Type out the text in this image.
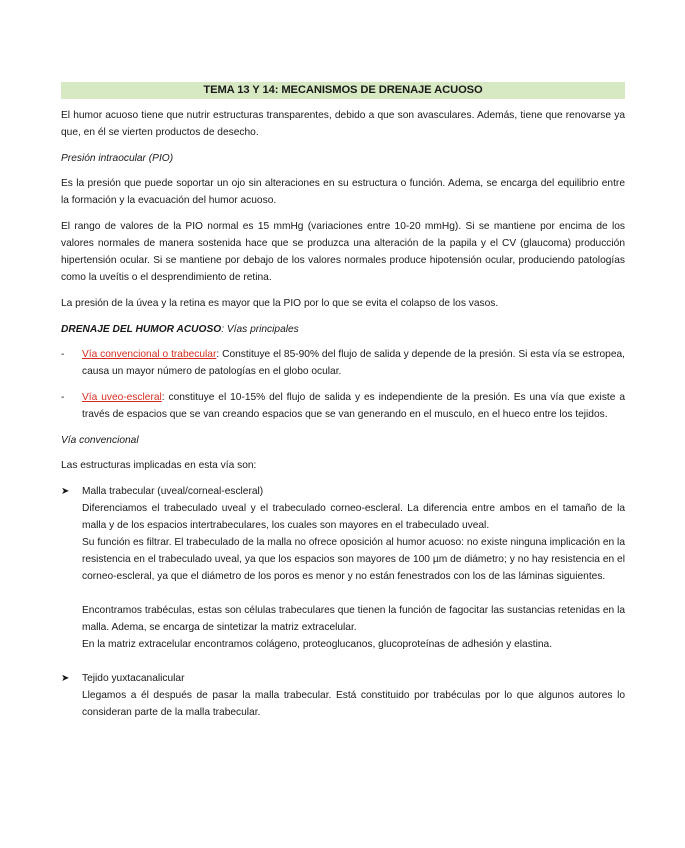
TEMA 13 Y 14: MECANISMOS DE DRENAJE ACUOSO

El humor acuoso tiene que nutrir estructuras transparentes, debido a que son avasculares. Además, tiene que renovarse ya que, en él se vierten productos de desecho.

Presión intraocular (PIO)

Es la presión que puede soportar un ojo sin alteraciones en su estructura o función. Adema, se encarga del equilibrio entre la formación y la evacuación del humor acuoso.

El rango de valores de la PIO normal es 15 mmHg (variaciones entre 10-20 mmHg). Si se mantiene por encima de los valores normales de manera sostenida hace que se produzca una alteración de la papila y el CV (glaucoma) producción hipertensión ocular. Si se mantiene por debajo de los valores normales produce hipotensión ocular, produciendo patologías como la uveítis o el desprendimiento de retina.

La presión de la úvea y la retina es mayor que la PIO por lo que se evita el colapso de los vasos.

DRENAJE DEL HUMOR ACUOSO: Vías principales

- Vía convencional o trabecular: Constituye el 85-90% del flujo de salida y depende de la presión. Si esta vía se estropea, causa un mayor número de patologías en el globo ocular.
- Vía uveo-escleral: constituye el 10-15% del flujo de salida y es independiente de la presión. Es una vía que existe a través de espacios que se van creando espacios que se van generando en el musculo, en el hueco entre los tejidos.

Vía convencional

Las estructuras implicadas en esta vía son:

➤ Malla trabecular (uveal/corneal-escleral)
Diferenciamos el trabeculado uveal y el trabeculado corneo-escleral. La diferencia entre ambos en el tamaño de la malla y de los espacios intertrabeculares, los cuales son mayores en el trabeculado uveal.
Su función es filtrar. El trabeculado de la malla no ofrece oposición al humor acuoso: no existe ninguna implicación en la resistencia en el trabeculado uveal, ya que los espacios son mayores de 100 µm de diámetro; y no hay resistencia en el corneo-escleral, ya que el diámetro de los poros es menor y no están fenestrados con los de las láminas siguientes.
Encontramos trabéculas, estas son células trabeculares que tienen la función de fagocitar las sustancias retenidas en la malla. Adema, se encarga de sintetizar la matriz extracelular.
En la matriz extracelular encontramos colágeno, proteoglucanos, glucoproteínas de adhesión y elastina.
➤ Tejido yuxtacanalicular
Llegamos a él después de pasar la malla trabecular. Está constituido por trabéculas por lo que algunos autores lo consideran parte de la malla trabecular.
